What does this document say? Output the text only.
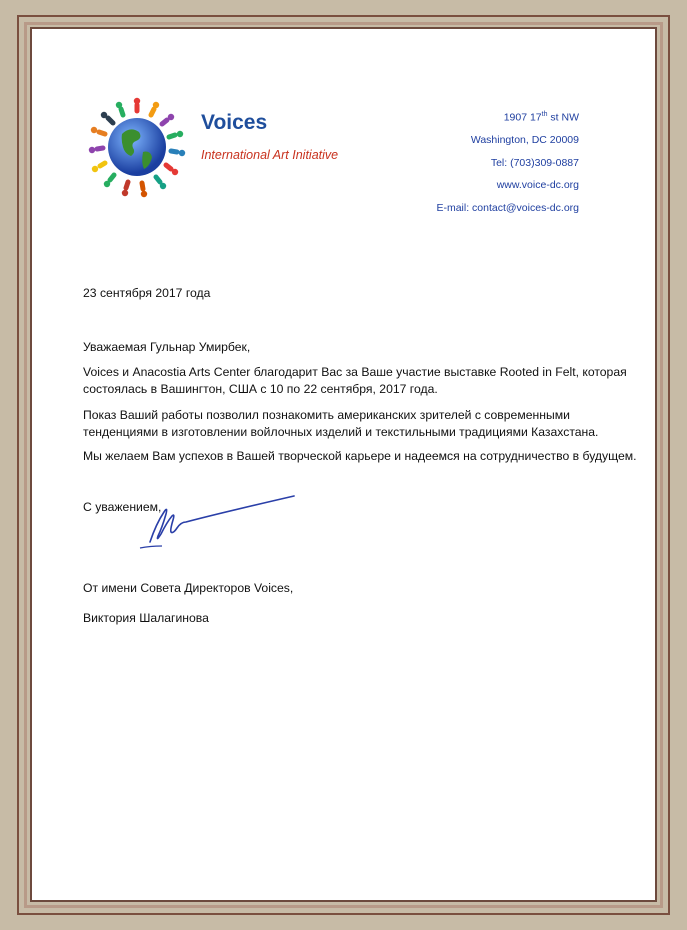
Voices
International Art Initiative
1907 17th st NW
Washington, DC 20009
Tel: (703)309-0887
www.voice-dc.org
E-mail: contact@voices-dc.org
23 сентября 2017 года
Уважаемая Гульнар Умирбек,
Voices и Anacostia Arts Center благодарит Вас за Ваше участие выставке Rooted in Felt, которая состоялась в Вашингтон, США с 10 по 22 сентября, 2017 года.
Показ Ваший работы позволил познакомить американских зрителей с современными тенденциями в изготовлении войлочных изделий и текстильными традициями Казахстана.
Мы желаем Вам успехов в Вашей творческой карьере и надеемся на сотрудничество в будущем.
С уважением,
От имени Совета Директоров Voices,
Виктория Шалагинова
